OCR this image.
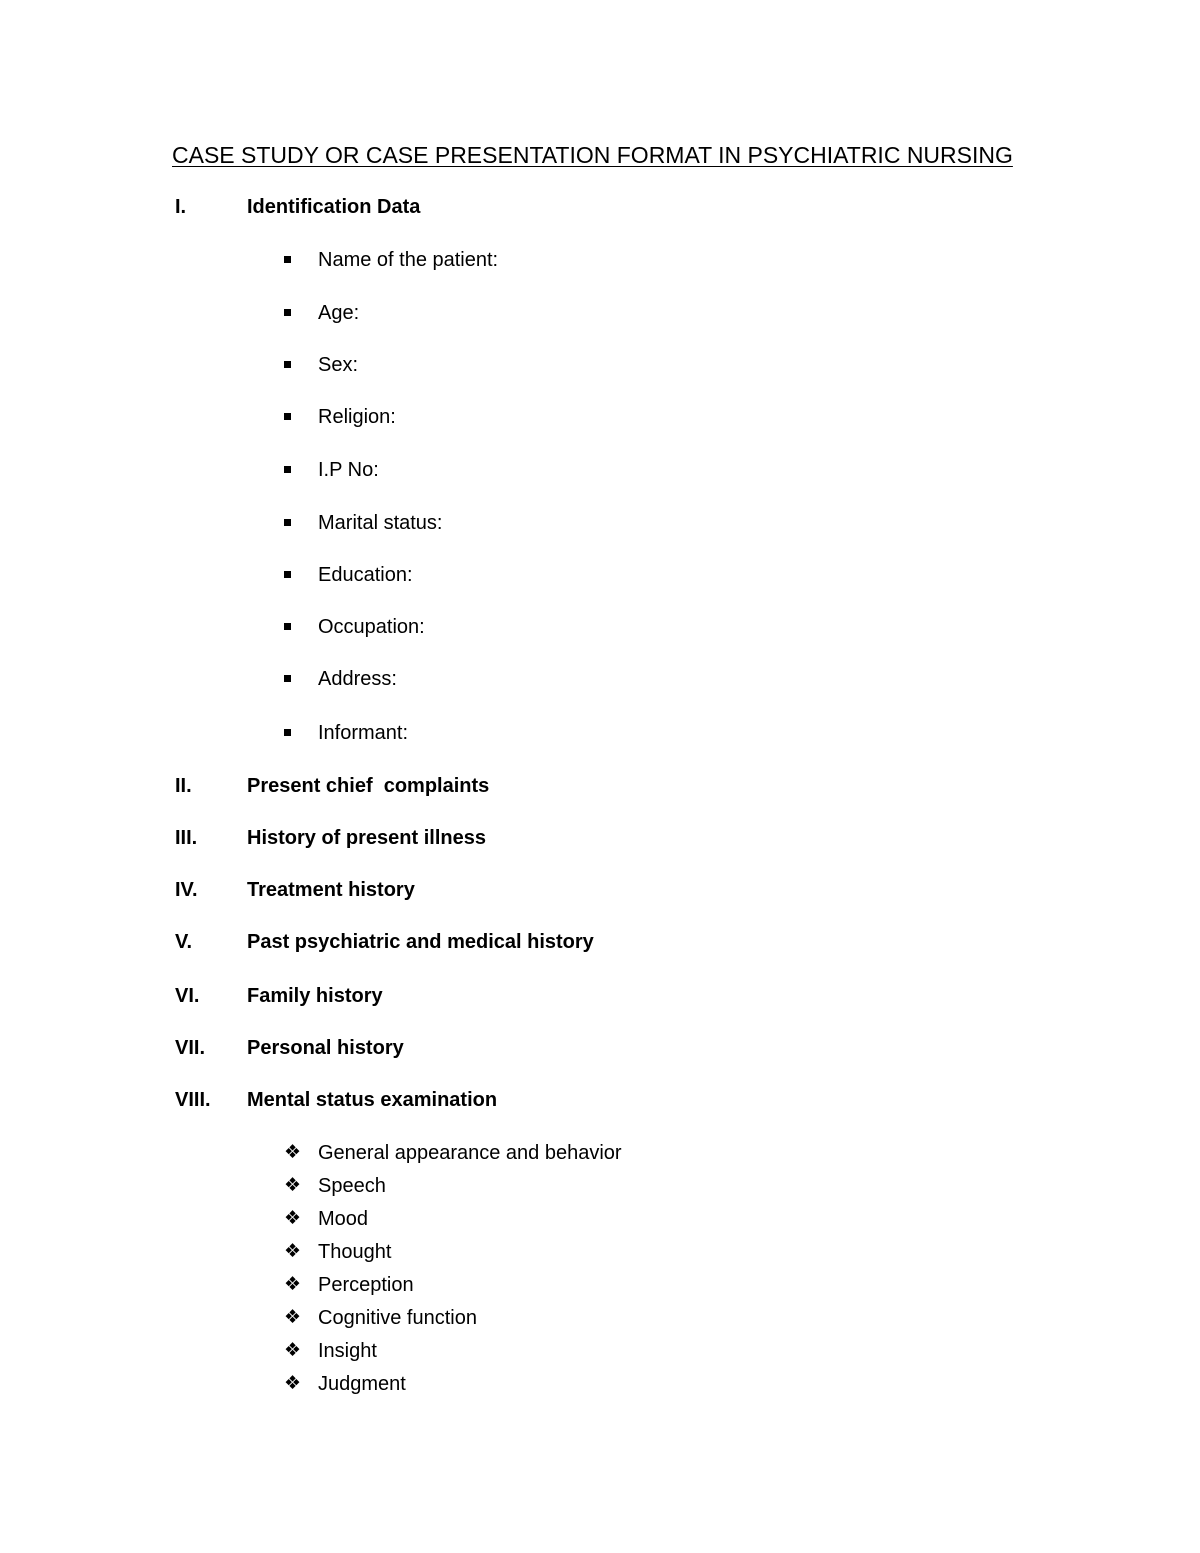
CASE STUDY OR CASE PRESENTATION FORMAT IN PSYCHIATRIC NURSING
I.	Identification Data
Name of the patient:
Age:
Sex:
Religion:
I.P No:
Marital status:
Education:
Occupation:
Address:
Informant:
II.	Present chief  complaints
III. History of present illness
IV. Treatment history
V.	Past psychiatric and medical history
VI. Family history
VII. Personal history
VIII. Mental status examination
❖ General appearance and behavior
❖ Speech
❖ Mood
❖ Thought
❖ Perception
❖ Cognitive function
❖ Insight
❖ Judgment
